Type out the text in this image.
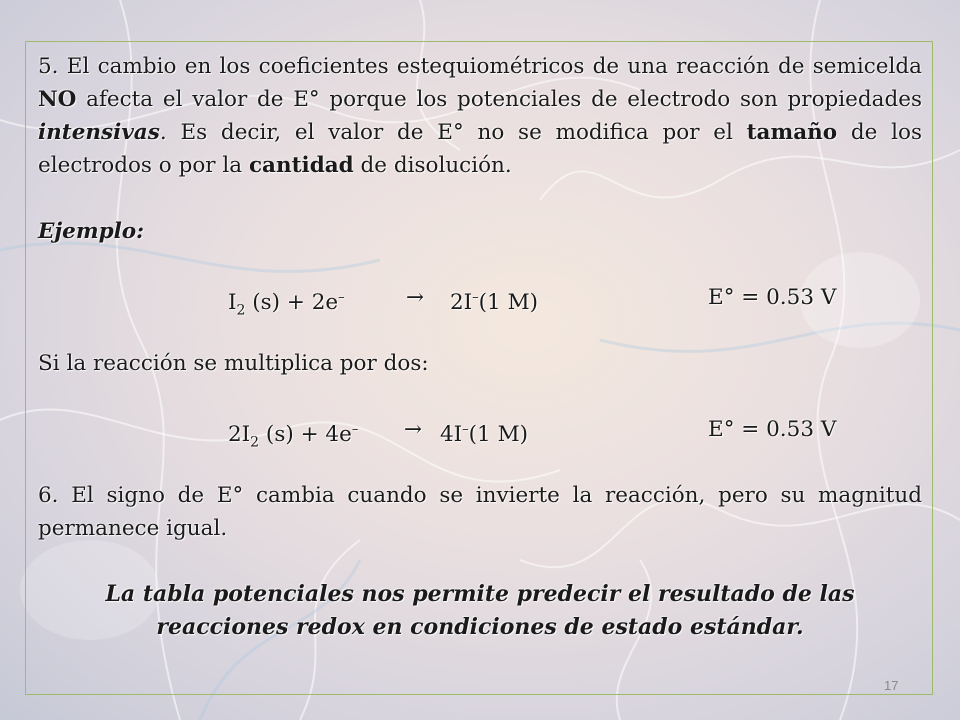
5. El cambio en los coeficientes estequiométricos de una reacción de semicelda NO afecta el valor de E° porque los potenciales de electrodo son propiedades intensivas. Es decir, el valor de E° no se modifica por el tamaño de los electrodos o por la cantidad de disolución.

Ejemplo:

$I_2$ (s) + 2e–	→ 2I–(1 M)	E° = 0.53 V

Si la reacción se multiplica por dos:

$2I_2$ (s) + 4e– → 4I–(1 M)	E° = 0.53 V

6. El signo de E° cambia cuando se invierte la reacción, pero su magnitud permanece igual.

La tabla potenciales nos permite predecir el resultado de las reacciones redox en condiciones de estado estándar.

17
